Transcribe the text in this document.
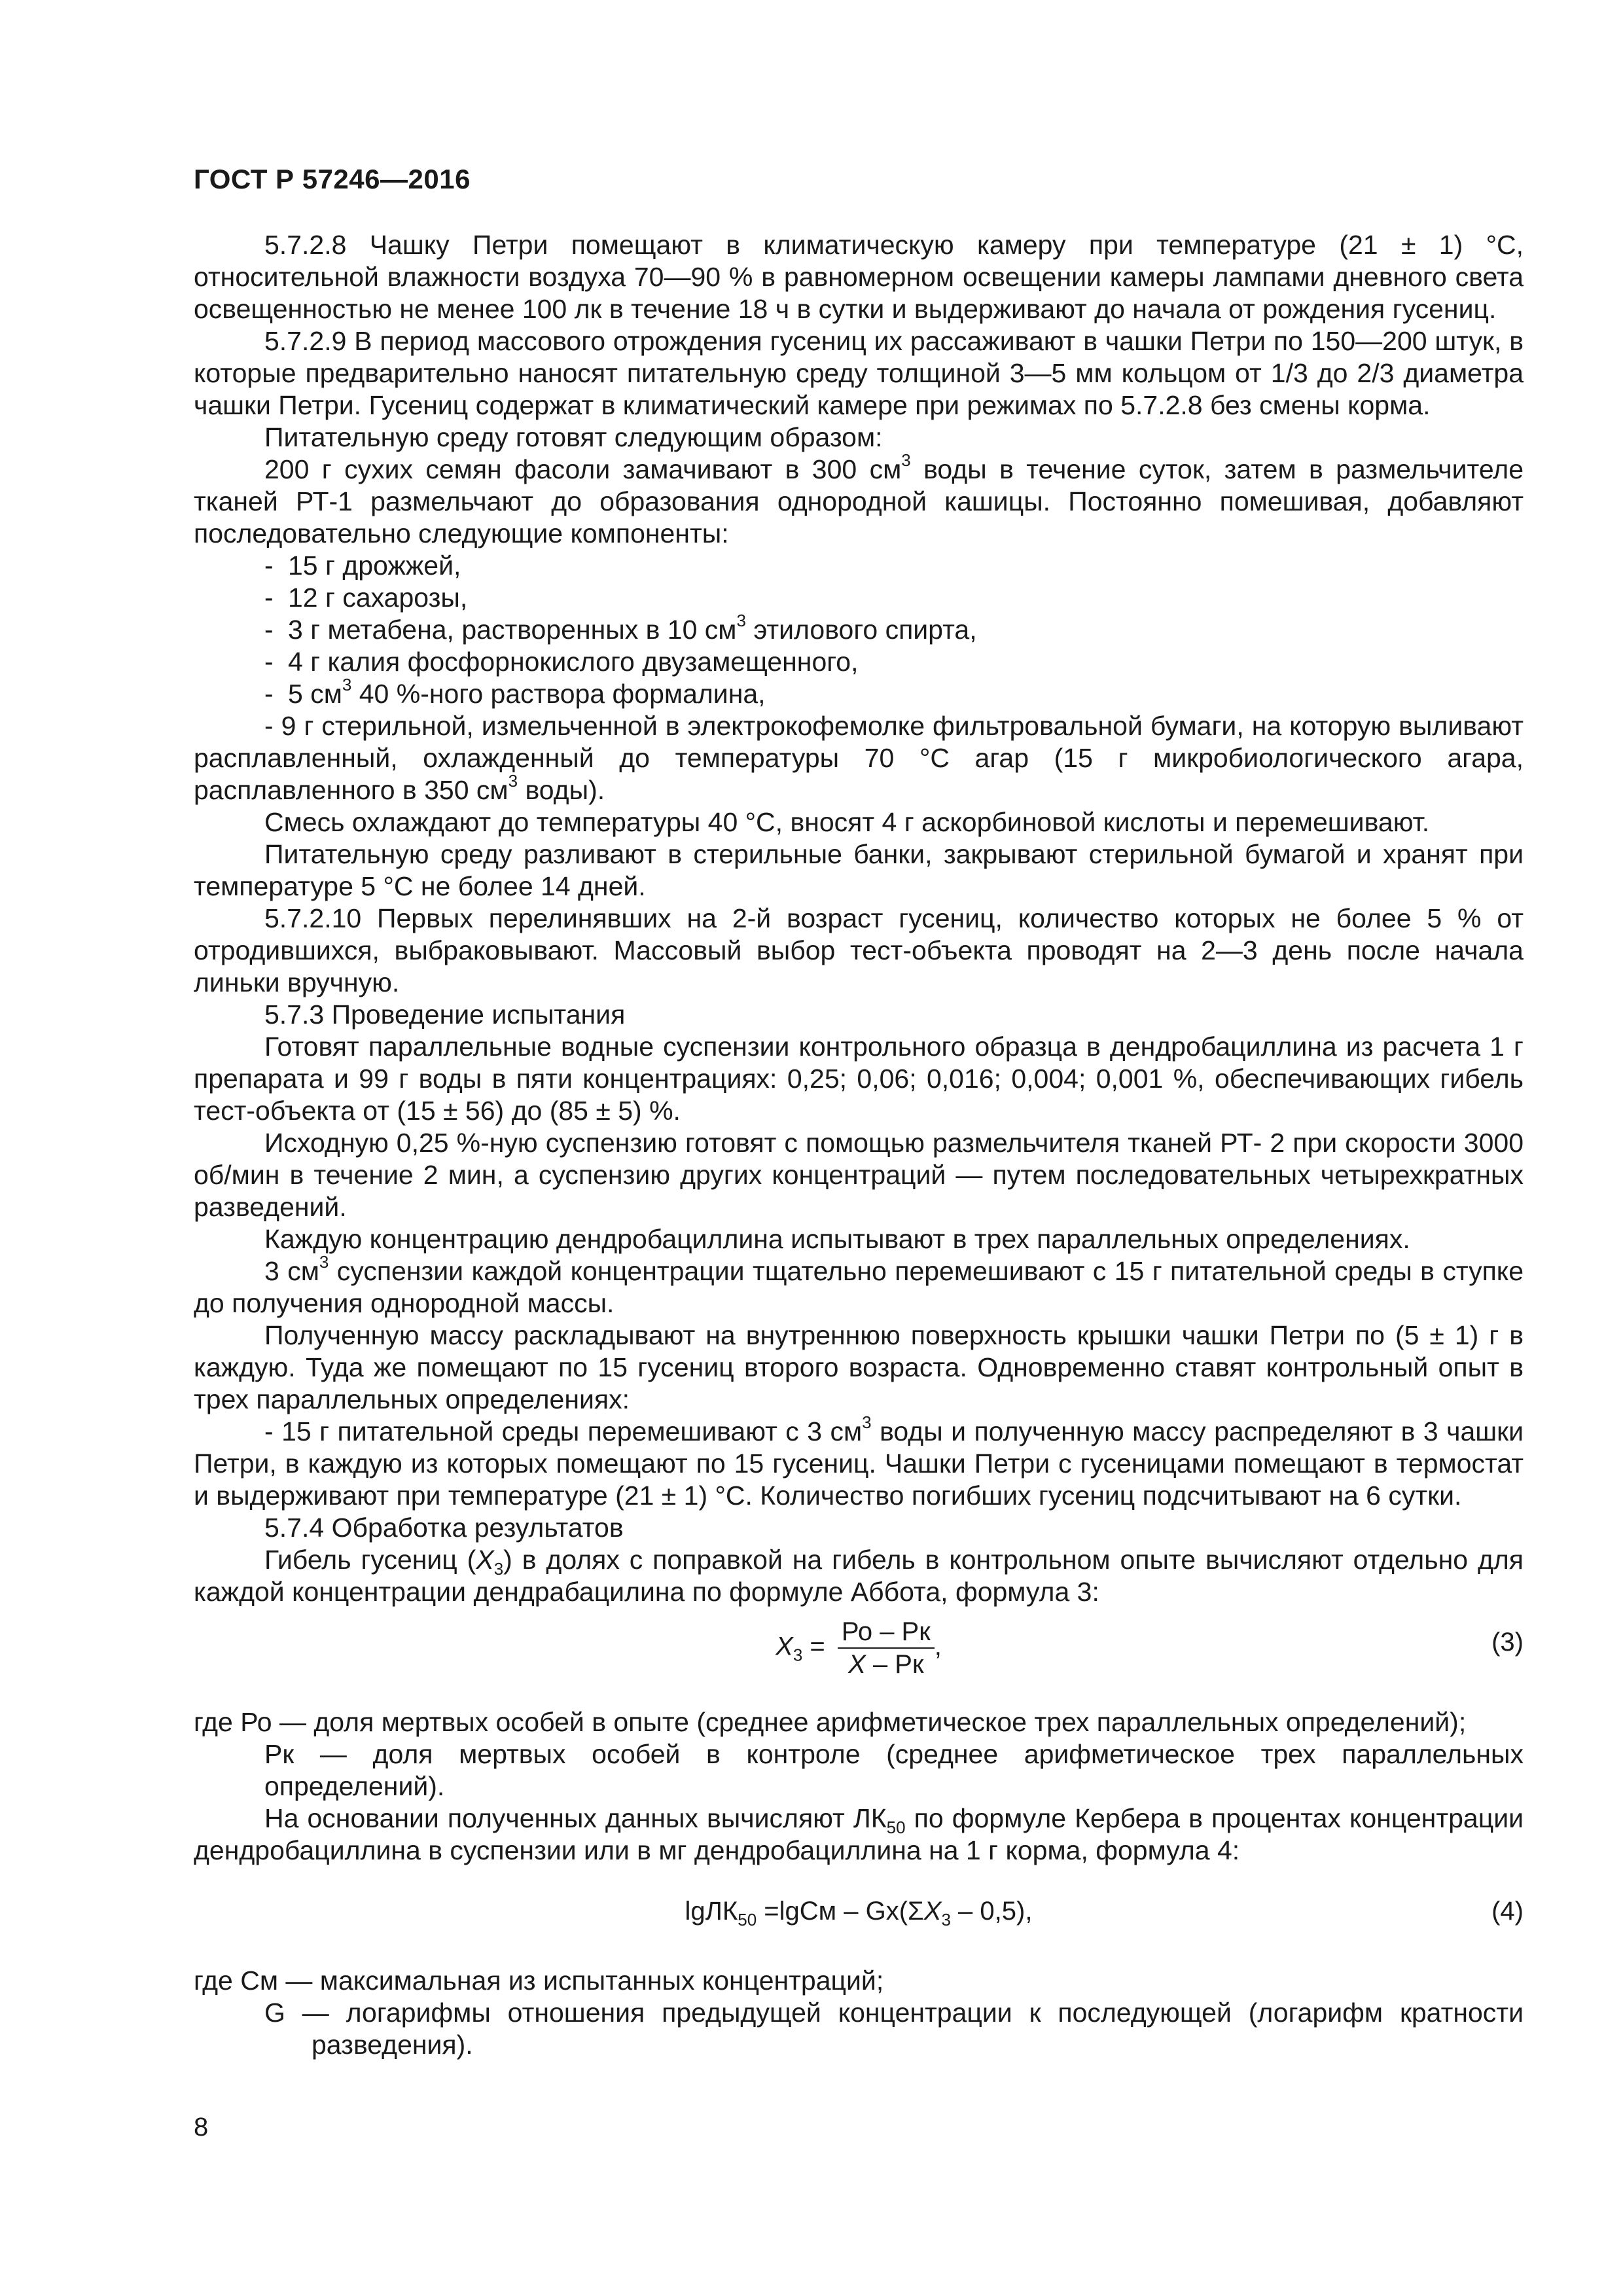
ГОСТ Р 57246—2016

5.7.2.8 Чашку Петри помещают в климатическую камеру при температуре (21 ± 1) °С, относительной влажности воздуха 70—90 % в равномерном освещении камеры лампами дневного света освещенностью не менее 100 лк в течение 18 ч в сутки и выдерживают до начала от рождения гусениц.

5.7.2.9 В период массового отрождения гусениц их рассаживают в чашки Петри по 150—200 штук, в которые предварительно наносят питательную среду толщиной 3—5 мм кольцом от 1/3 до 2/3 диаметра чашки Петри. Гусениц содержат в климатический камере при режимах по 5.7.2.8 без смены корма.

Питательную среду готовят следующим образом:

200 г сухих семян фасоли замачивают в 300 $см^3$ воды в течение суток, затем в размельчителе тканей РТ-1 размельчают до образования однородной кашицы. Постоянно помешивая, добавляют последовательно следующие компоненты:

- 15 г дрожжей,

- 12 г сахарозы,

- 3 г метабена, растворенных в 10 $см^3$ этилового спирта,

- 4 г калия фосфорнокислого двузамещенного,

- 5 $см^3$ 40 %-ного раствора формалина,

- 9 г стерильной, измельченной в электрокофемолке фильтровальной бумаги, на которую выливают расплавленный, охлажденный до температуры 70 °С агар (15 г микробиологического агара, расплавленного в 350 $см^3$ воды).

Смесь охлаждают до температуры 40 °С, вносят 4 г аскорбиновой кислоты и перемешивают.

Питательную среду разливают в стерильные банки, закрывают стерильной бумагой и хранят при температуре 5 °С не более 14 дней.

5.7.2.10 Первых перелинявших на 2-й возраст гусениц, количество которых не более 5 % от отродившихся, выбраковывают. Массовый выбор тест-объекта проводят на 2—3 день после начала линьки вручную.

5.7.3 Проведение испытания

Готовят параллельные водные суспензии контрольного образца в дендробациллина из расчета 1 г препарата и 99 г воды в пяти концентрациях: 0,25; 0,06; 0,016; 0,004; 0,001 %, обеспечивающих гибель тест-объекта от (15 ± 56) до (85 ± 5) %.

Исходную 0,25 %-ную суспензию готовят с помощью размельчителя тканей РТ- 2 при скорости 3000 об/мин в течение 2 мин, а суспензию других концентраций — путем последовательных четырехкратных разведений.

Каждую концентрацию дендробациллина испытывают в трех параллельных определениях.

3 $см^3$ суспензии каждой концентрации тщательно перемешивают с 15 г питательной среды в ступке до получения однородной массы.

Полученную массу раскладывают на внутреннюю поверхность крышки чашки Петри по (5 ± 1) г в каждую. Туда же помещают по 15 гусениц второго возраста. Одновременно ставят контрольный опыт в трех параллельных определениях:

- 15 г питательной среды перемешивают с 3 $см^3$ воды и полученную массу распределяют в 3 чашки Петри, в каждую из которых помещают по 15 гусениц. Чашки Петри с гусеницами помещают в термостат и выдерживают при температуре (21 ± 1) °С. Количество погибших гусениц подсчитывают на 6 сутки.

5.7.4 Обработка результатов

Гибель гусениц $(X_3)$ в долях с поправкой на гибель в контрольном опыте вычисляют отдельно для каждой концентрации дендрабацилина по формуле Аббота, формула 3:

$X_3 = \frac{Ро - Рк}{X - Рк}$ ,	(3)

где Ро — доля мертвых особей в опыте (среднее арифметическое трех параллельных определений);

Рк — доля мертвых особей в контроле (среднее арифметическое трех параллельных определений).

На основании полученных данных вычисляют $ЛК_{50}$ по формуле Кербера в процентах концентрации дендробациллина в суспензии или в мг дендробациллина на 1 г корма, формула 4:

$\lg ЛК_{50} =\lg См - Gх(\Sigma X_3 - 0,5)$,	(4)

где См — максимальная из испытанных концентраций;

G — логарифмы отношения предыдущей концентрации к последующей (логарифм кратности разведения).

8
